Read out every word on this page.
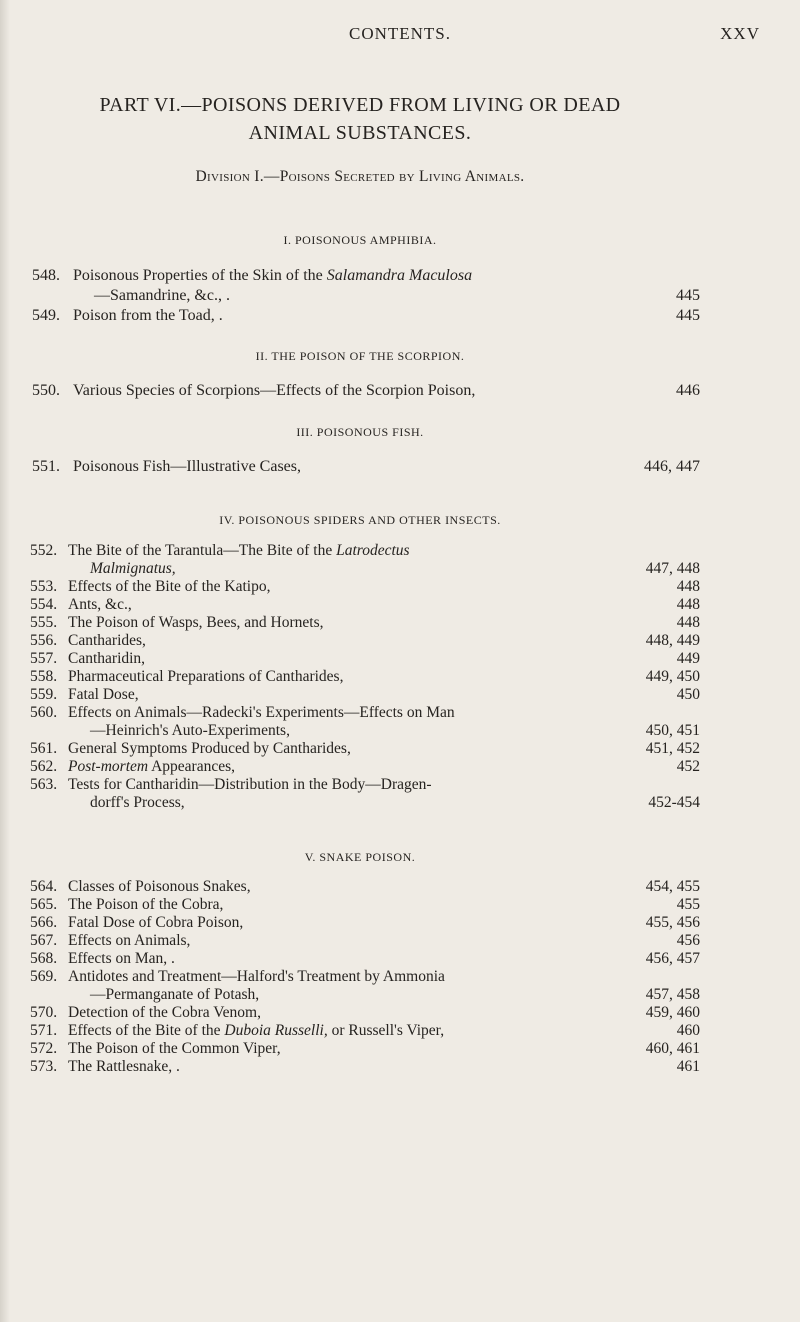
CONTENTS.	XXV
PART VI.—POISONS DERIVED FROM LIVING OR DEAD
ANIMAL SUBSTANCES.
Division I.—Poisons Secreted by Living Animals.
I. POISONOUS AMPHIBIA.
548. Poisonous Properties of the Skin of the Salamandra Maculosa
—Samandrine, &c., .	445
549. Poison from the Toad, .	445
II. THE POISON OF THE SCORPION.
550. Various Species of Scorpions—Effects of the Scorpion Poison,	446
III. POISONOUS FISH.
551. Poisonous Fish—Illustrative Cases,	446, 447
IV. POISONOUS SPIDERS AND OTHER INSECTS.
552. The Bite of the Tarantula—The Bite of the Latrodectus
Malmignatus,	447, 448
553. Effects of the Bite of the Katipo,	448
554. Ants, &c.,	448
555. The Poison of Wasps, Bees, and Hornets,	448
556. Cantharides,	448, 449
557. Cantharidin,	449
558. Pharmaceutical Preparations of Cantharides,	449, 450
559. Fatal Dose,	450
560. Effects on Animals—Radecki's Experiments—Effects on Man
—Heinrich's Auto-Experiments,	450, 451
561. General Symptoms Produced by Cantharides,	451, 452
562. Post-mortem Appearances,	452
563. Tests for Cantharidin—Distribution in the Body—Dragen-
dorff's Process,	452-454
V. SNAKE POISON.
564. Classes of Poisonous Snakes,	454, 455
565. The Poison of the Cobra,	455
566. Fatal Dose of Cobra Poison,	455, 456
567. Effects on Animals,	456
568. Effects on Man, .	456, 457
569. Antidotes and Treatment—Halford's Treatment by Ammonia
—Permanganate of Potash,	457, 458
570. Detection of the Cobra Venom,	459, 460
571. Effects of the Bite of the Duboia Russelli, or Russell's Viper,	460
572. The Poison of the Common Viper,	460, 461
573. The Rattlesnake, .	461
